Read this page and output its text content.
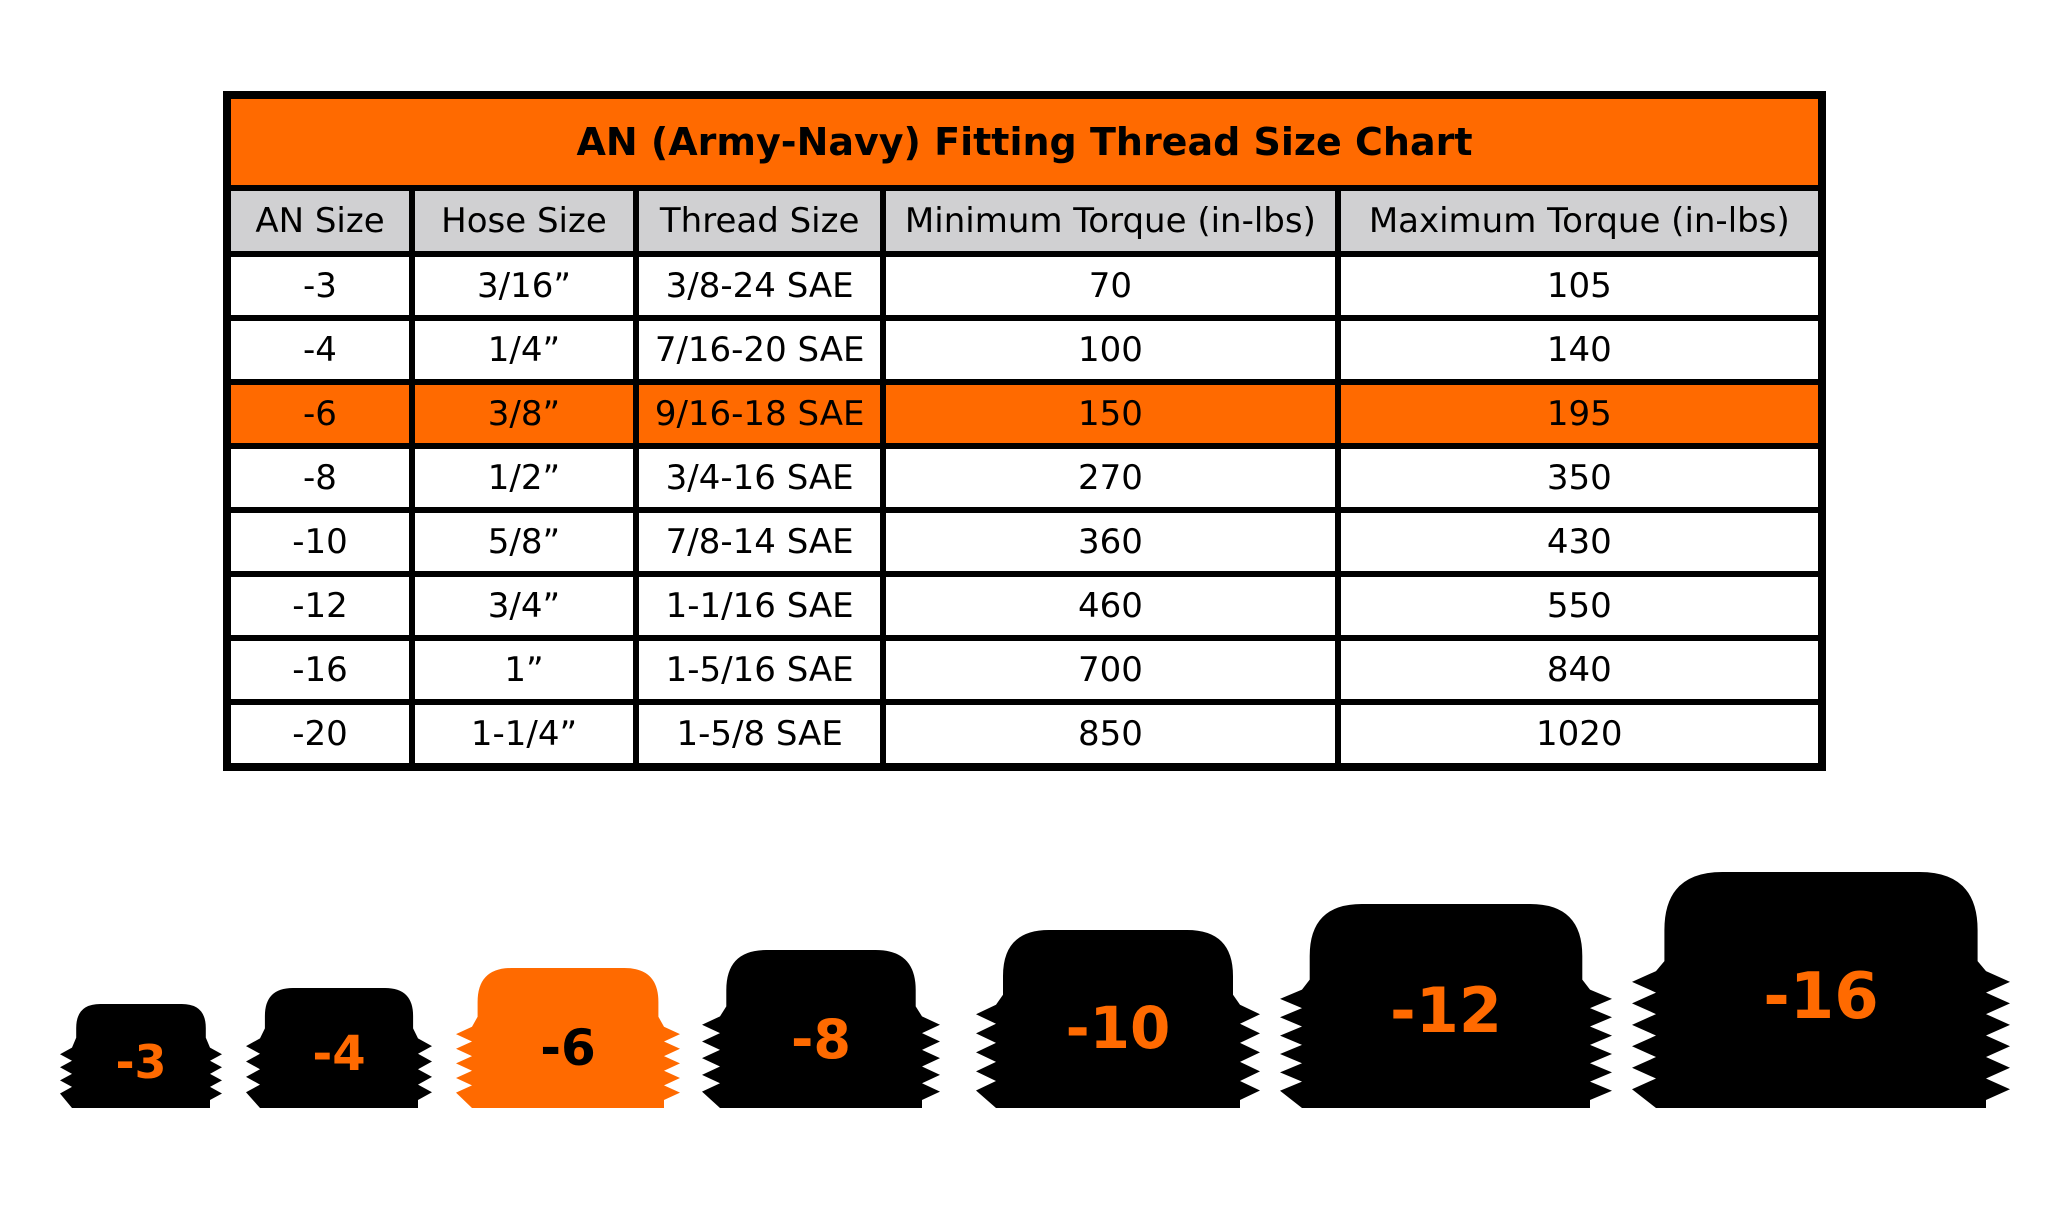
AN (Army-Navy) Fitting Thread Size Chart				
AN Size	Hose Size	Thread Size	Minimum Torque (in-lbs)	Maximum Torque (in-lbs)
-3	3/16”	3/8-24 SAE	70	105
-4	1/4”	7/16-20 SAE	100	140
-6	3/8”	9/16-18 SAE	150	195
-8	1/2”	3/4-16 SAE	270	350
-10	5/8”	7/8-14 SAE	360	430
-12	3/4”	1-1/16 SAE	460	550
-16	1”	1-5/16 SAE	700	840
-20	1-1/4”	1-5/8 SAE	850	1020
-3	-4	-6	-8	-10	-12	-16
